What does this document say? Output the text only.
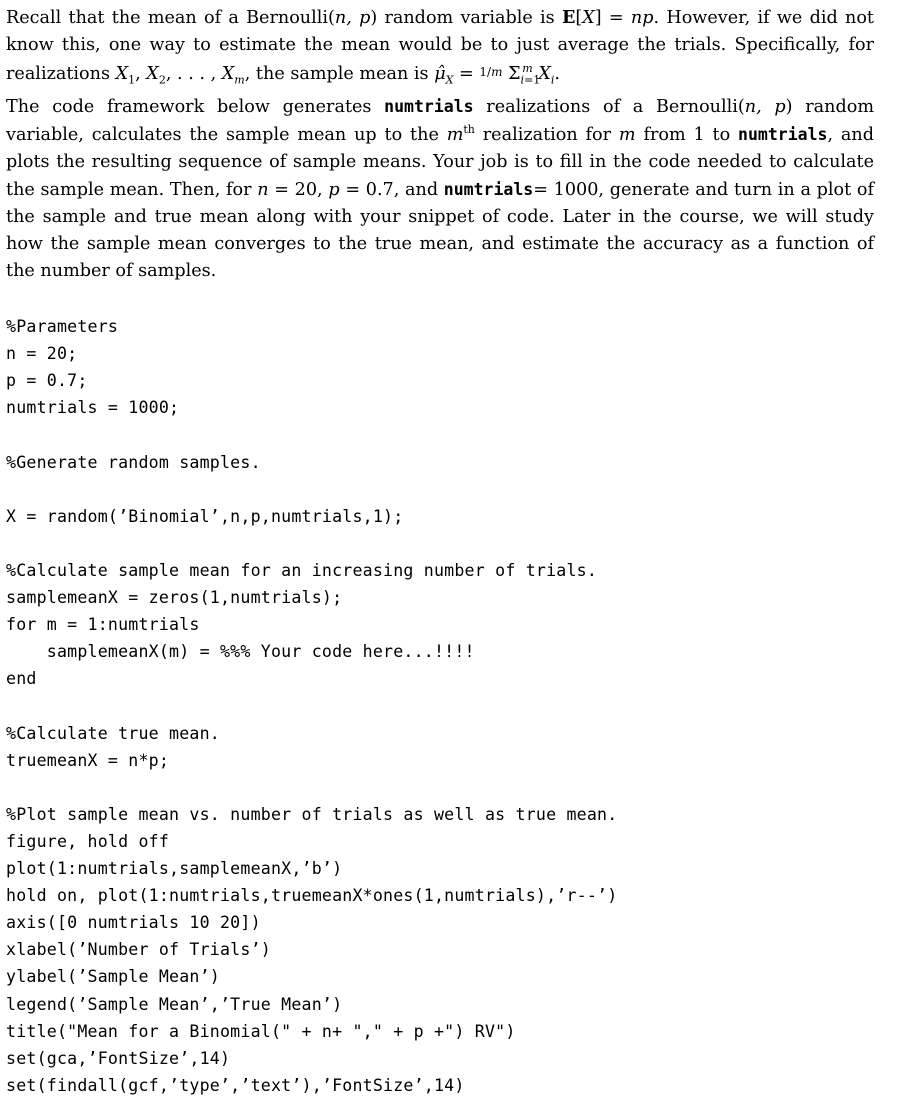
Recall that the mean of a Bernoulli(n, p) random variable is E[X] = np. However, if we did not know this, one way to estimate the mean would be to just average the trials. Specifically, for realizations $X_1$, $X_2$, . . . , $X_m$, the sample mean is $\mû_X = 1/m$ $\Sigma_{i=1}^m$ $X_i$.

The code framework below generates numtrials realizations of a Bernoulli(n, p) random variable, calculates the sample mean up to the $m^{th}$ realization for m from 1 to numtrials, and plots the resulting sequence of sample means. Your job is to fill in the code needed to calculate the sample mean. Then, for n = 20, p = 0.7, and numtrials= 1000, generate and turn in a plot of the sample and true mean along with your snippet of code. Later in the course, we will study how the sample mean converges to the true mean, and estimate the accuracy as a function of the number of samples.

%Parameters
n = 20;
p = 0.7;
numtrials = 1000;
%Generate random samples.
X = random(’Binomial’,n,p,numtrials,1);
%Calculate sample mean for an increasing number of trials.
samplemeanX = zeros(1,numtrials);
for m = 1:numtrials
samplemeanX(m) = %%% Your code here...!!!!
end
%Calculate true mean.
truemeanX = n*p;
%Plot sample mean vs. number of trials as well as true mean.
figure, hold off
plot(1:numtrials,samplemeanX,’b’)
hold on, plot(1:numtrials,truemeanX*ones(1,numtrials),’r--’)
axis([0 numtrials 10 20])
xlabel(’Number of Trials’)
ylabel(’Sample Mean’)
legend(’Sample Mean’,’True Mean’)
title("Mean for a Binomial(" + n+ "," + p +") RV")
set(gca,’FontSize’,14)
set(findall(gcf,’type’,’text’),’FontSize’,14)
